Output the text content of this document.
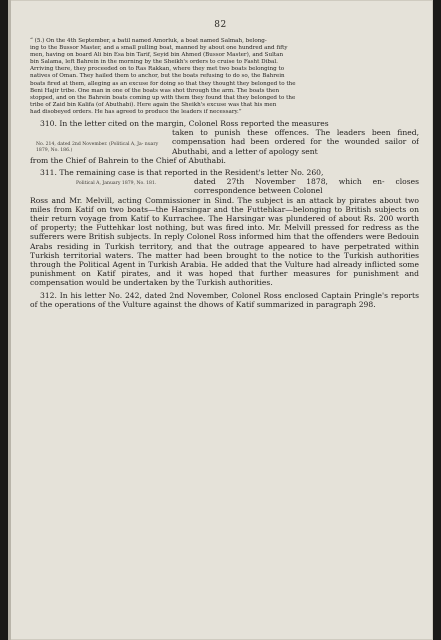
82

“ (5.) On the 4th September, a batil named Amorluk, a boat named Salmah, belong-

ing to the Bussor Master, and a small pulling boat, manned by about one hundred and fifty

men, having on board Ali bin Esa bin Tarif, Seyid bin Ahmed (Bussor Master), and Sultan

bin Salama, left Bahrein in the morning by the Sheikh's orders to cruise to Fasht Dibal.

Arriving there, they proceeded on to Ras Rakkan, where they met two boats belonging to

natives of Oman. They hailed them to anchor, but the boats refusing to do so, the Bahrein

boats fired at them, alleging as an excuse for doing so that they thought they belonged to the

Beni Hajir tribe. One man in one of the boats was shot through the arm. The boats then

stopped, and on the Bahrein boats coming up with them they found that they belonged to the

tribe of Zaid bin Kalifa (of Abuthabi). Here again the Sheikh's excuse was that his men

had disobeyed orders. He has agreed to produce the leaders if necessary.”

310. In the letter cited on the margin, Colonel Ross reported the measures

No. 214, dated 2nd November. (Political A, Ja- nuary 1879, No. 186.)

taken to punish these offences. The leaders been fined, compensation had been ordered for the wounded sailor of Abuthabi, and a letter of apology sent

from the Chief of Bahrein to the Chief of Abuthabi.

311. The remaining case is that reported in the Resident's letter No. 260,

Political A, January 1879, No. 181.	dated 27th November 1878, which en- closes correspondence between Colonel

Ross and Mr. Melvill, acting Commissioner in Sind. The subject is an attack by pirates about two miles from Katif on two boats—the Harsingar and the Futtehkar—belonging to British subjects on their return voyage from Katif to Kurrachee. The Harsingar was plundered of about Rs. 200 worth of property; the Futtehkar lost nothing, but was fired into. Mr. Melvill pressed for redress as the sufferers were British subjects. In reply Colonel Ross informed him that the offenders were Bedouin Arabs residing in Turkish territory, and that the outrage appeared to have perpetrated within Turkish territorial waters. The matter had been brought to the notice to the Turkish authorities through the Political Agent in Turkish Arabia. He added that the Vulture had already inflicted some punishment on Katif pirates, and it was hoped that further measures for punishment and compensation would be undertaken by the Turkish authorities.

312. In his letter No. 242, dated 2nd November, Colonel Ross enclosed Captain Pringle's reports of the operations of the Vulture against the dhows of Katif summarized in paragraph 298.
